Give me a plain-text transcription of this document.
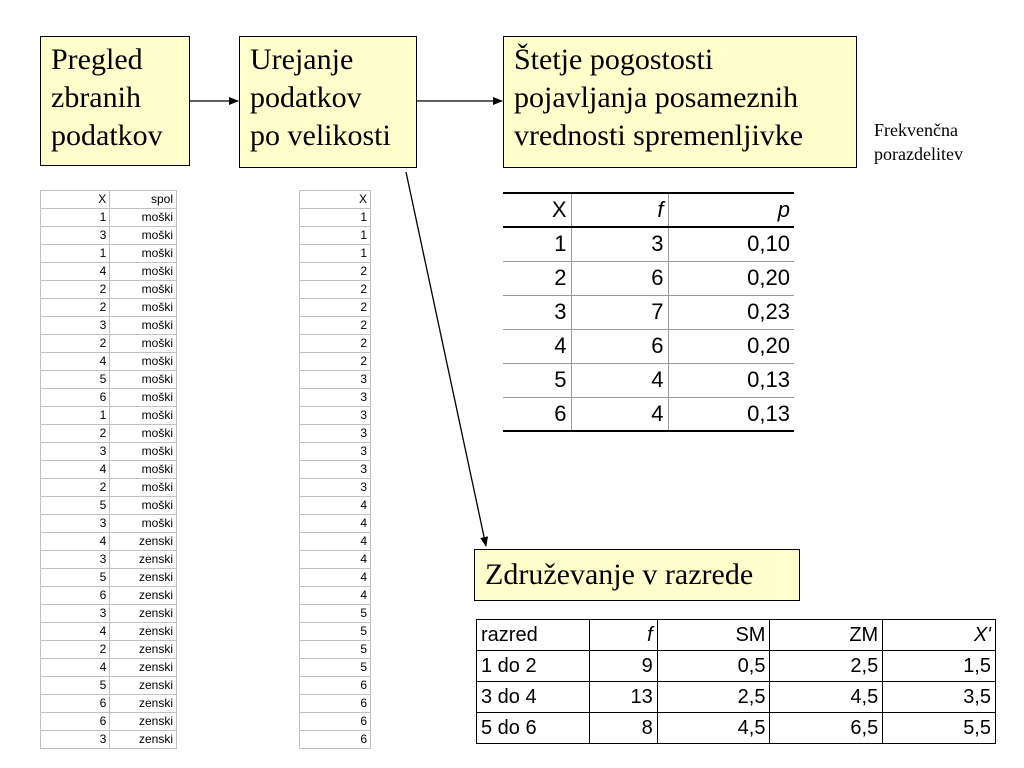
Pregled
zbranih
podatkov
Urejanje
podatkov
po velikosti
Štetje pogostosti
pojavljanja posameznih
vrednosti spremenljivke	Frekvenčna
porazdelitev
Združevanje v razrede
X	spol
1	moški
3	moški
1	moški
4	moški
2	moški
2	moški
3	moški
2	moški
4	moški
5	moški
6	moški
1	moški
2	moški
3	moški
4	moški
2	moški
5	moški
3	moški
4	zenski
3	zenski
5	zenski
6	zenski
3	zenski
4	zenski
2	zenski
4	zenski
5	zenski
6	zenski
6	zenski
3	zenski
X
1
1
1
2
2
2
2
2
2
3
3
3
3
3
3
3
4
4
4
4
4
4
5
5
5
5
6
6
6
6
X	f	p
1	3	0,10
2	6	0,20
3	7	0,23
4	6	0,20
5	4	0,13
6	4	0,13
razred	f	SM	ZM	X'
1 do 2	9	0,5	2,5	1,5
3 do 4	13	2,5	4,5	3,5
5 do 6	8	4,5	6,5	5,5
